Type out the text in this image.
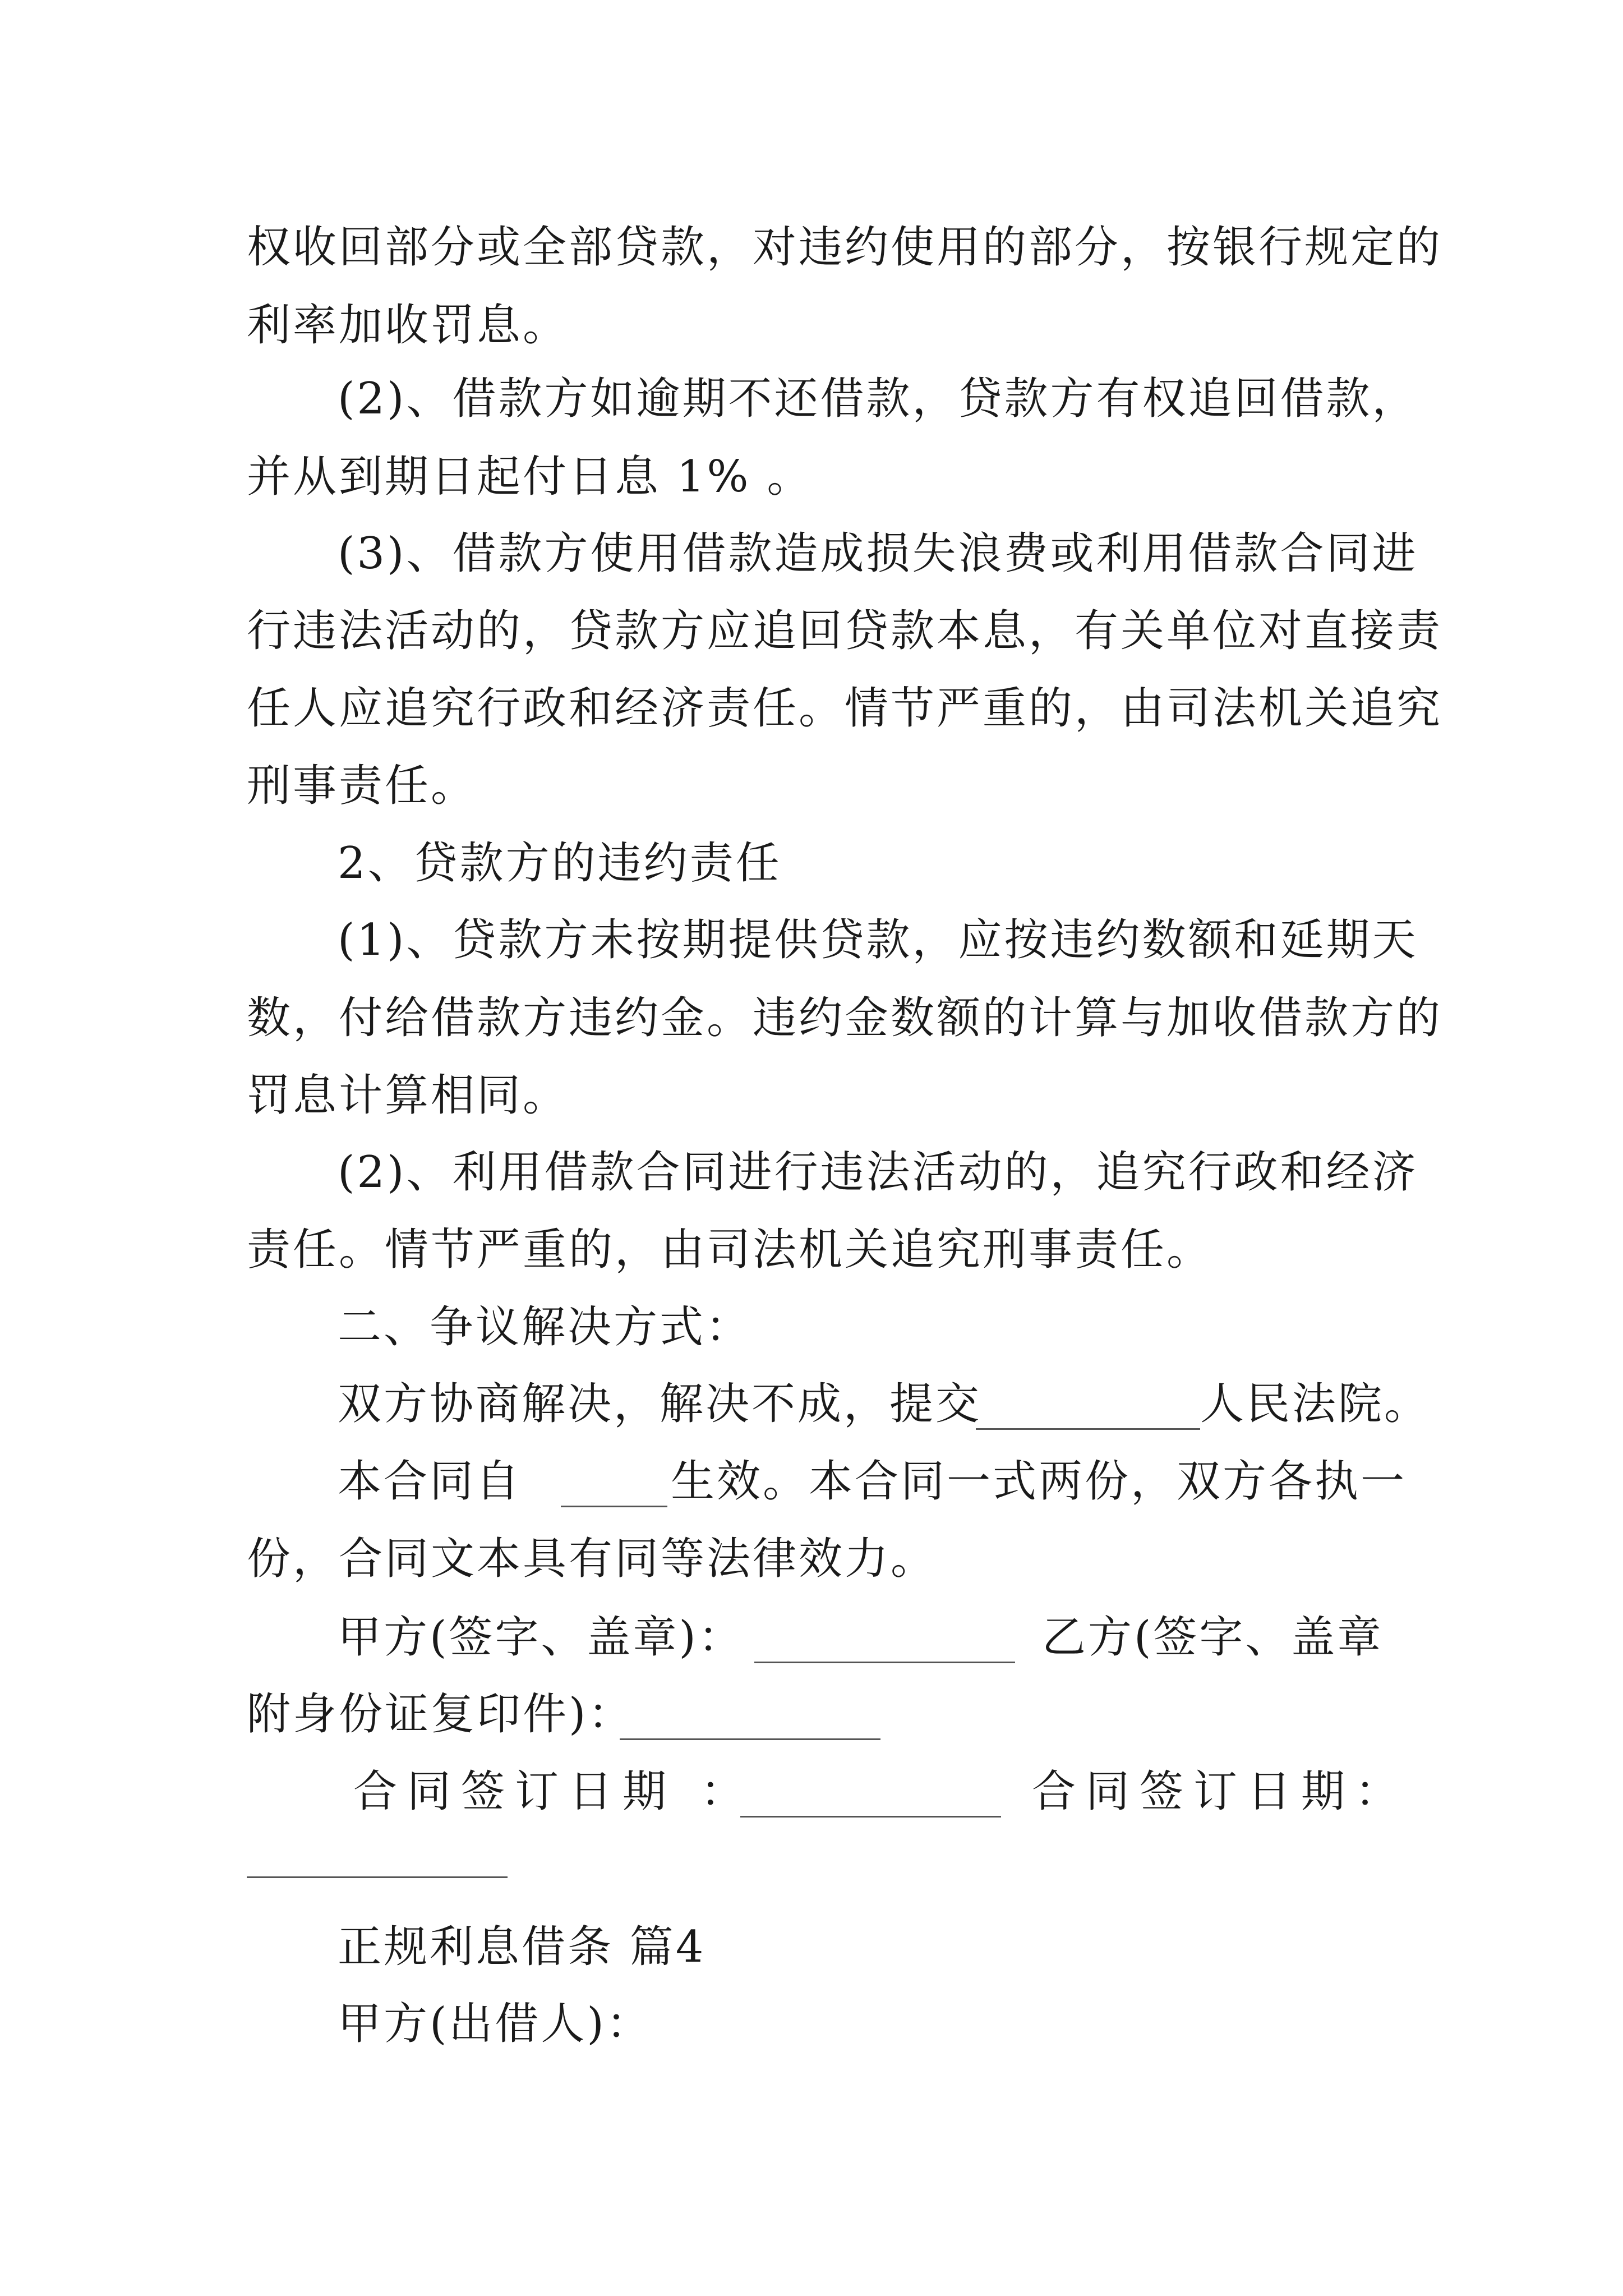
权收回部分或全部贷款，对违约使用的部分，按银行规定的
利率加收罚息。
(2)、借款方如逾期不还借款，贷款方有权追回借款，
并从到期日起付日息 1% 。
(3)、借款方使用借款造成损失浪费或利用借款合同进
行违法活动的，贷款方应追回贷款本息，有关单位对直接责
任人应追究行政和经济责任。情节严重的，由司法机关追究
刑事责任。
2、贷款方的违约责任
(1)、贷款方未按期提供贷款，应按违约数额和延期天
数，付给借款方违约金。违约金数额的计算与加收借款方的
罚息计算相同。
(2)、利用借款合同进行违法活动的，追究行政和经济
责任。情节严重的，由司法机关追究刑事责任。
二、争议解决方式：
双方协商解决，解决不成，提交	人民法院。
本合同自	生效。本合同一式两份，双方各执一
份，合同文本具有同等法律效力。
甲方(签字、盖章)：	乙方(签字、盖章
附身份证复印件)：
合同签订日期 ：	合同签订日期：
正规利息借条 篇4
甲方(出借人)：
